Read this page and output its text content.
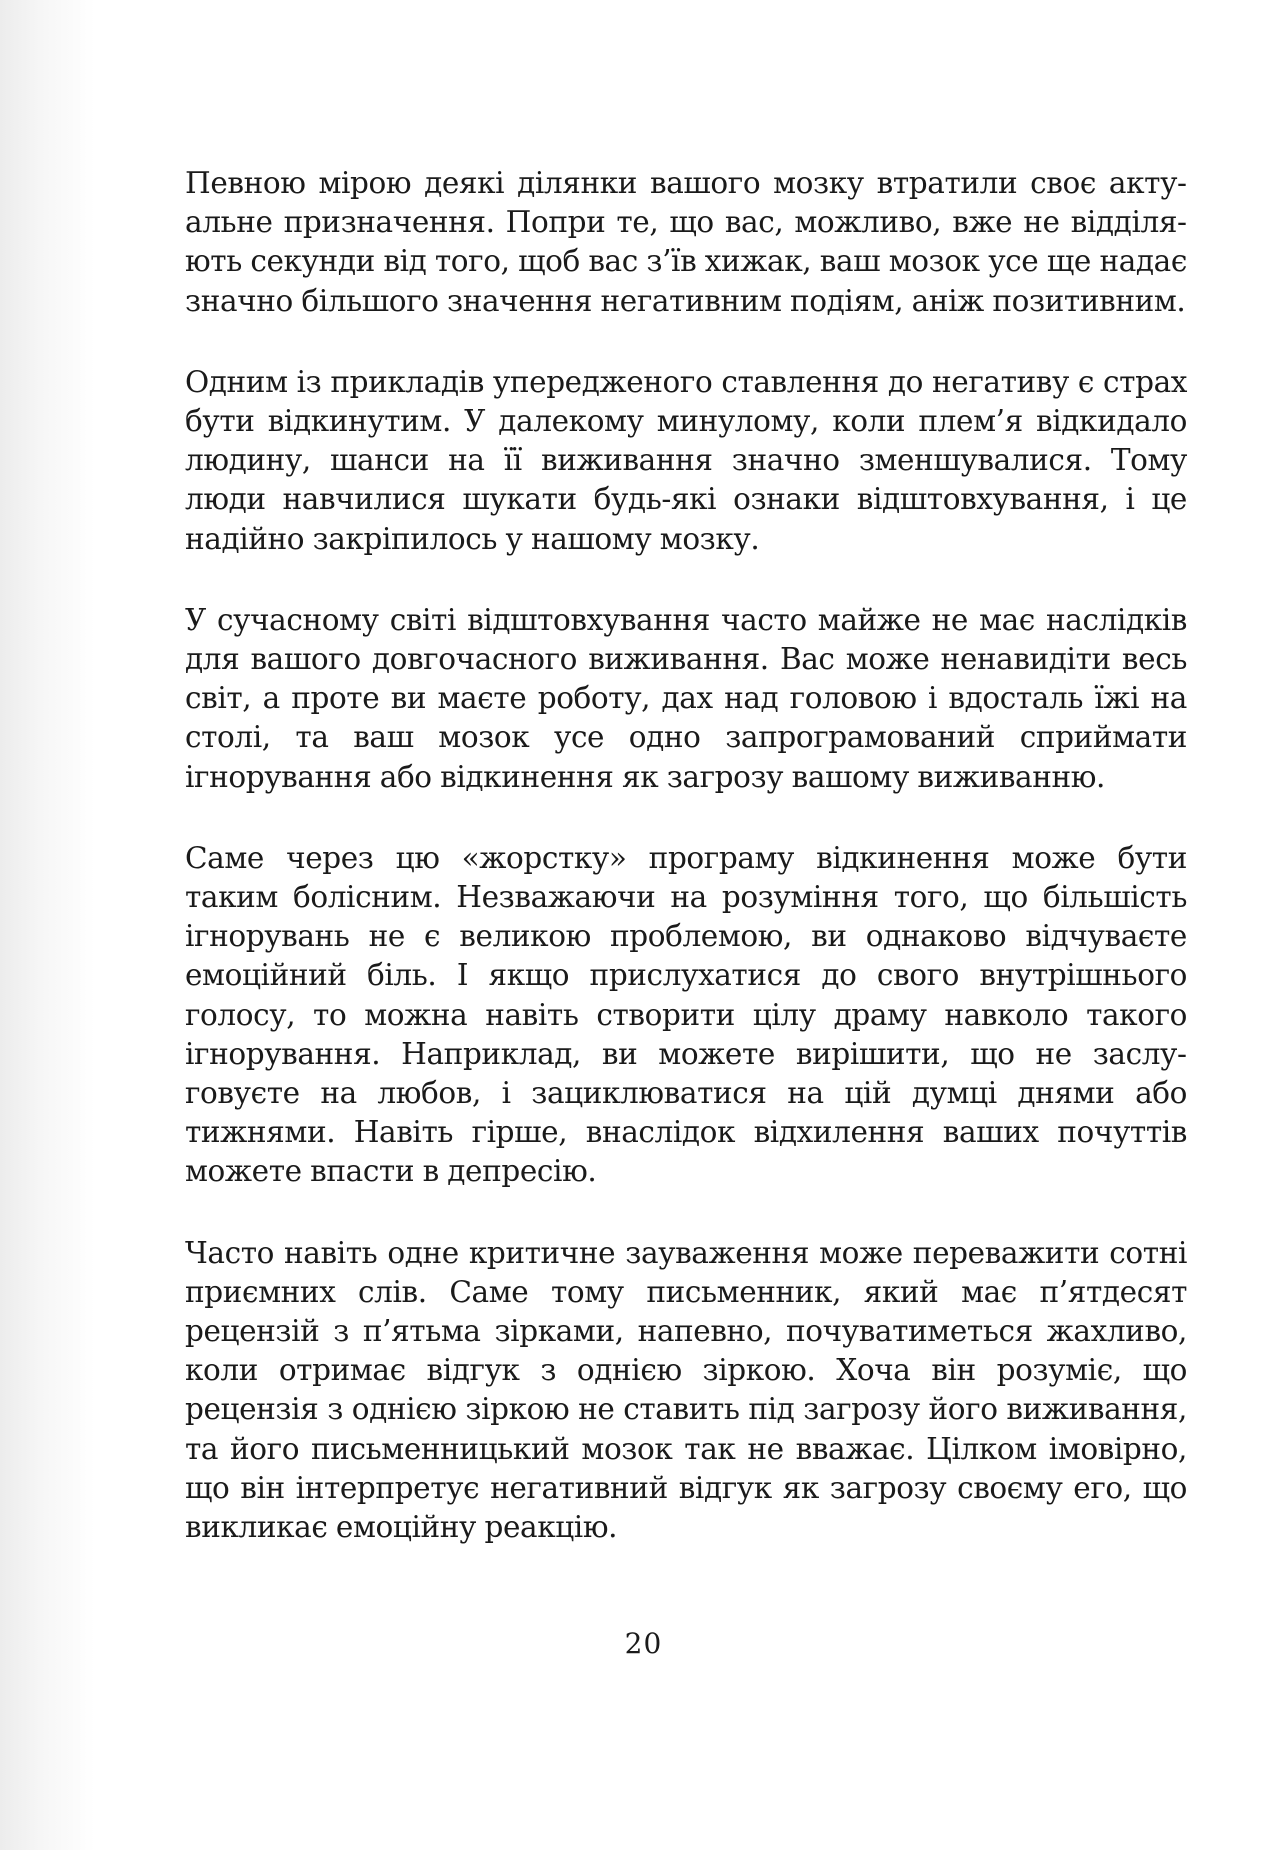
Певною мірою деякі ділянки вашого мозку втратили своє актуальне призначення. Попри те, що вас, можливо, вже не відділяють секунди від того, щоб вас з’їв хижак, ваш мозок усе ще надає значно більшого значення негативним подіям, аніж позитивним.

Одним із прикладів упередженого ставлення до негативу є страх бути відкинутим. У далекому минулому, коли плем’я відкидало людину, шанси на її виживання значно зменшувалися. Тому люди навчилися шукати будь-які ознаки відштовхування, і це надійно закріпилось у нашому мозку.

У сучасному світі відштовхування часто майже не має наслідків для вашого довгочасного виживання. Вас може ненавидіти весь світ, а проте ви маєте роботу, дах над головою і вдосталь їжі на столі, та ваш мозок усе одно запрограмований сприймати ігнорування або відкинення як загрозу вашому виживанню.

Саме через цю «жорстку» програму відкинення може бути таким болісним. Незважаючи на розуміння того, що більшість ігнорувань не є великою проблемою, ви однаково відчуваєте емоційний біль. І якщо прислухатися до свого внутрішнього голосу, то можна навіть створити цілу драму навколо такого ігнорування. Наприклад, ви можете вирішити, що не заслуговуєте на любов, і зациклюватися на цій думці днями або тижнями. Навіть гірше, внаслідок відхилення ваших почуттів можете впасти в депресію.

Часто навіть одне критичне зауваження може переважити сотні приємних слів. Саме тому письменник, який має п’ятдесят рецензій з п’ятьма зірками, напевно, почуватиметься жахливо, коли отримає відгук з однією зіркою. Хоча він розуміє, що рецензія з однією зіркою не ставить під загрозу його виживання, та його письменницький мозок так не вважає. Цілком імовірно, що він інтерпретує негативний відгук як загрозу своєму его, що викликає емоційну реакцію.

20
